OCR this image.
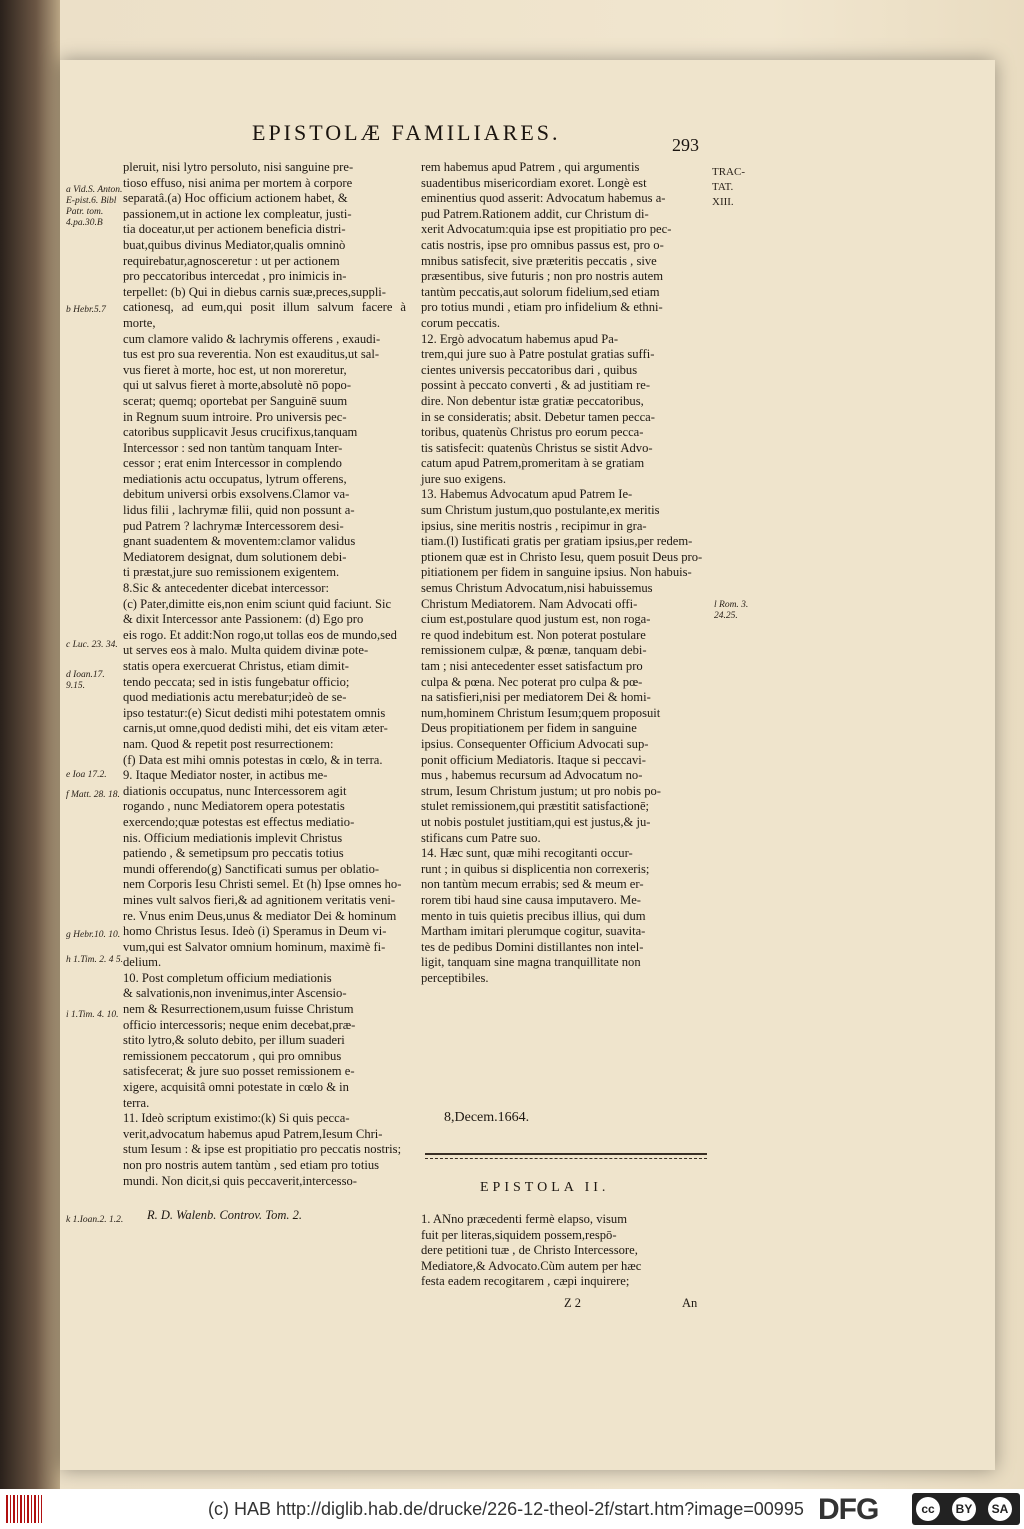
EPISTOLÆ FAMILIARES.	293
TRAC-
TAT.
XIII.

pleruit, nisi lytro persoluto, nisi sanguine pre-

tioso effuso, nisi anima per mortem à corpore

separatâ.(a) Hoc officium actionem habet, &

passionem,ut in actione lex compleatur, justi-

tia doceatur,ut per actionem beneficia distri-

buat,quibus divinus Mediator,qualis omninò

requirebatur,agnosceretur : ut per actionem

pro peccatoribus intercedat , pro inimicis in-

terpellet: (b) Qui in diebus carnis suæ,preces,suppli-

cationesq, ad eum,qui posit illum salvum facere à morte,

cum clamore valido & lachrymis offerens , exaudi-

tus est pro sua reverentia. Non est exauditus,ut sal-

vus fieret à morte, hoc est, ut non moreretur,

qui ut salvus fieret à morte,absolutè nō popo-

scerat; quemq; oportebat per Sanguinē suum

in Regnum suum introire. Pro universis pec-

catoribus supplicavit Jesus crucifixus,tanquam

Intercessor : sed non tantùm tanquam Inter-

cessor ; erat enim Intercessor in complendo

mediationis actu occupatus, lytrum offerens,

debitum universi orbis exsolvens.Clamor va-

lidus filii , lachrymæ filii, quid non possunt a-

pud Patrem ? lachrymæ Intercessorem desi-

gnant suadentem & moventem:clamor validus

Mediatorem designat, dum solutionem debi-

ti præstat,jure suo remissionem exigentem.

8.Sic & antecedenter dicebat intercessor:

(c) Pater,dimitte eis,non enim sciunt quid faciunt. Sic

& dixit Intercessor ante Passionem: (d) Ego pro

eis rogo. Et addit:Non rogo,ut tollas eos de mundo,sed

ut serves eos à malo. Multa quidem divinæ pote-

statis opera exercuerat Christus, etiam dimit-

tendo peccata; sed in istis fungebatur officio;

quod mediationis actu merebatur;ideò de se-

ipso testatur:(e) Sicut dedisti mihi potestatem omnis

carnis,ut omne,quod dedisti mihi, det eis vitam æter-

nam. Quod & repetit post resurrectionem:

(f) Data est mihi omnis potestas in cœlo, & in terra.

9. Itaque Mediator noster, in actibus me-

diationis occupatus, nunc Intercessorem agit

rogando , nunc Mediatorem opera potestatis

exercendo;quæ potestas est effectus mediatio-

nis. Officium mediationis implevit Christus

patiendo , & semetipsum pro peccatis totius

mundi offerendo(g) Sanctificati sumus per oblatio-

nem Corporis Iesu Christi semel. Et (h) Ipse omnes ho-

mines vult salvos fieri,& ad agnitionem veritatis veni-

re. Vnus enim Deus,unus & mediator Dei & hominum

homo Christus Iesus. Ideò (i) Speramus in Deum vi-

vum,qui est Salvator omnium hominum, maximè fi-

delium.

10. Post completum officium mediationis

& salvationis,non invenimus,inter Ascensio-

nem & Resurrectionem,usum fuisse Christum

officio intercessoris; neque enim decebat,præ-

stito lytro,& soluto debito, per illum suaderi

remissionem peccatorum , qui pro omnibus

satisfecerat; & jure suo posset remissionem e-

xigere, acquisitâ omni potestate in cœlo & in

terra.

11. Ideò scriptum existimo:(k) Si quis pecca-

verit,advocatum habemus apud Patrem,Iesum Chri-

stum Iesum : & ipse est propitiatio pro peccatis nostris;

non pro nostris autem tantùm , sed etiam pro totius

mundi. Non dicit,si quis peccaverit,intercesso-

R. D. Walenb. Controv. Tom. 2.

rem habemus apud Patrem , qui argumentis

suadentibus misericordiam exoret. Longè est

eminentius quod asserit: Advocatum habemus a-

pud Patrem.Rationem addit, cur Christum di-

xerit Advocatum:quia ipse est propitiatio pro pec-

catis nostris, ipse pro omnibus passus est, pro o-

mnibus satisfecit, sive præteritis peccatis , sive

præsentibus, sive futuris ; non pro nostris autem

tantùm peccatis,aut solorum fidelium,sed etiam

pro totius mundi , etiam pro infidelium & ethni-

corum peccatis.

12. Ergò advocatum habemus apud Pa-

trem,qui jure suo à Patre postulat gratias suffi-

cientes universis peccatoribus dari , quibus

possint à peccato converti , & ad justitiam re-

dire. Non debentur istæ gratiæ peccatoribus,

in se consideratis; absit. Debetur tamen pecca-

toribus, quatenùs Christus pro eorum pecca-

tis satisfecit: quatenùs Christus se sistit Advo-

catum apud Patrem,promeritam à se gratiam

jure suo exigens.

13. Habemus Advocatum apud Patrem Ie-

sum Christum justum,quo postulante,ex meritis

ipsius, sine meritis nostris , recipimur in gra-

tiam.(l) Iustificati gratis per gratiam ipsius,per redem-

ptionem quæ est in Christo Iesu, quem posuit Deus pro-

pitiationem per fidem in sanguine ipsius. Non habuis-

semus Christum Advocatum,nisi habuissemus

Christum Mediatorem. Nam Advocati offi-

cium est,postulare quod justum est, non roga-

re quod indebitum est. Non poterat postulare

remissionem culpæ, & pœnæ, tanquam debi-

tam ; nisi antecedenter esset satisfactum pro

culpa & pœna. Nec poterat pro culpa & pœ-

na satisfieri,nisi per mediatorem Dei & homi-

num,hominem Christum Iesum;quem proposuit

Deus propitiationem per fidem in sanguine

ipsius. Consequenter Officium Advocati sup-

ponit officium Mediatoris. Itaque si peccavi-

mus , habemus recursum ad Advocatum no-

strum, Iesum Christum justum; ut pro nobis po-

stulet remissionem,qui præstitit satisfactionē;

ut nobis postulet justitiam,qui est justus,& ju-

stificans cum Patre suo.

14. Hæc sunt, quæ mihi recogitanti occur-

runt ; in quibus si displicentia non correxeris;

non tantùm mecum errabis; sed & meum er-

rorem tibi haud sine causa imputavero. Me-

mento in tuis quietis precibus illius, qui dum

Martham imitari plerumque cogitur, suavita-

tes de pedibus Domini distillantes non intel-

ligit, tanquam sine magna tranquillitate non

perceptibiles.

8,Decem.1664.
EPISTOLA II.

1. ANno præcedenti fermè elapso, visum

fuit per literas,siquidem possem,respō-

dere petitioni tuæ , de Christo Intercessore,

Mediatore,& Advocato.Cùm autem per hæc

festa eadem recogitarem , cæpi inquirere;

Z 2	An
a Vid.S. Anton. E-pist.6. Bibl Patr. tom. 4.pa.30.B
b Hebr.5.7
c Luc. 23. 34.
d Ioan.17. 9.15.
e Ioa 17.2.
f Matt. 28. 18.
g Hebr.10. 10.
h 1.Tim. 2. 4 5.
i 1.Tim. 4. 10.
k 1.Ioan.2. 1.2.
l Rom. 3. 24.25.
(c) HAB http://diglib.hab.de/drucke/226-12-theol-2f/start.htm?image=00995 DFG	cc	BY	SA
